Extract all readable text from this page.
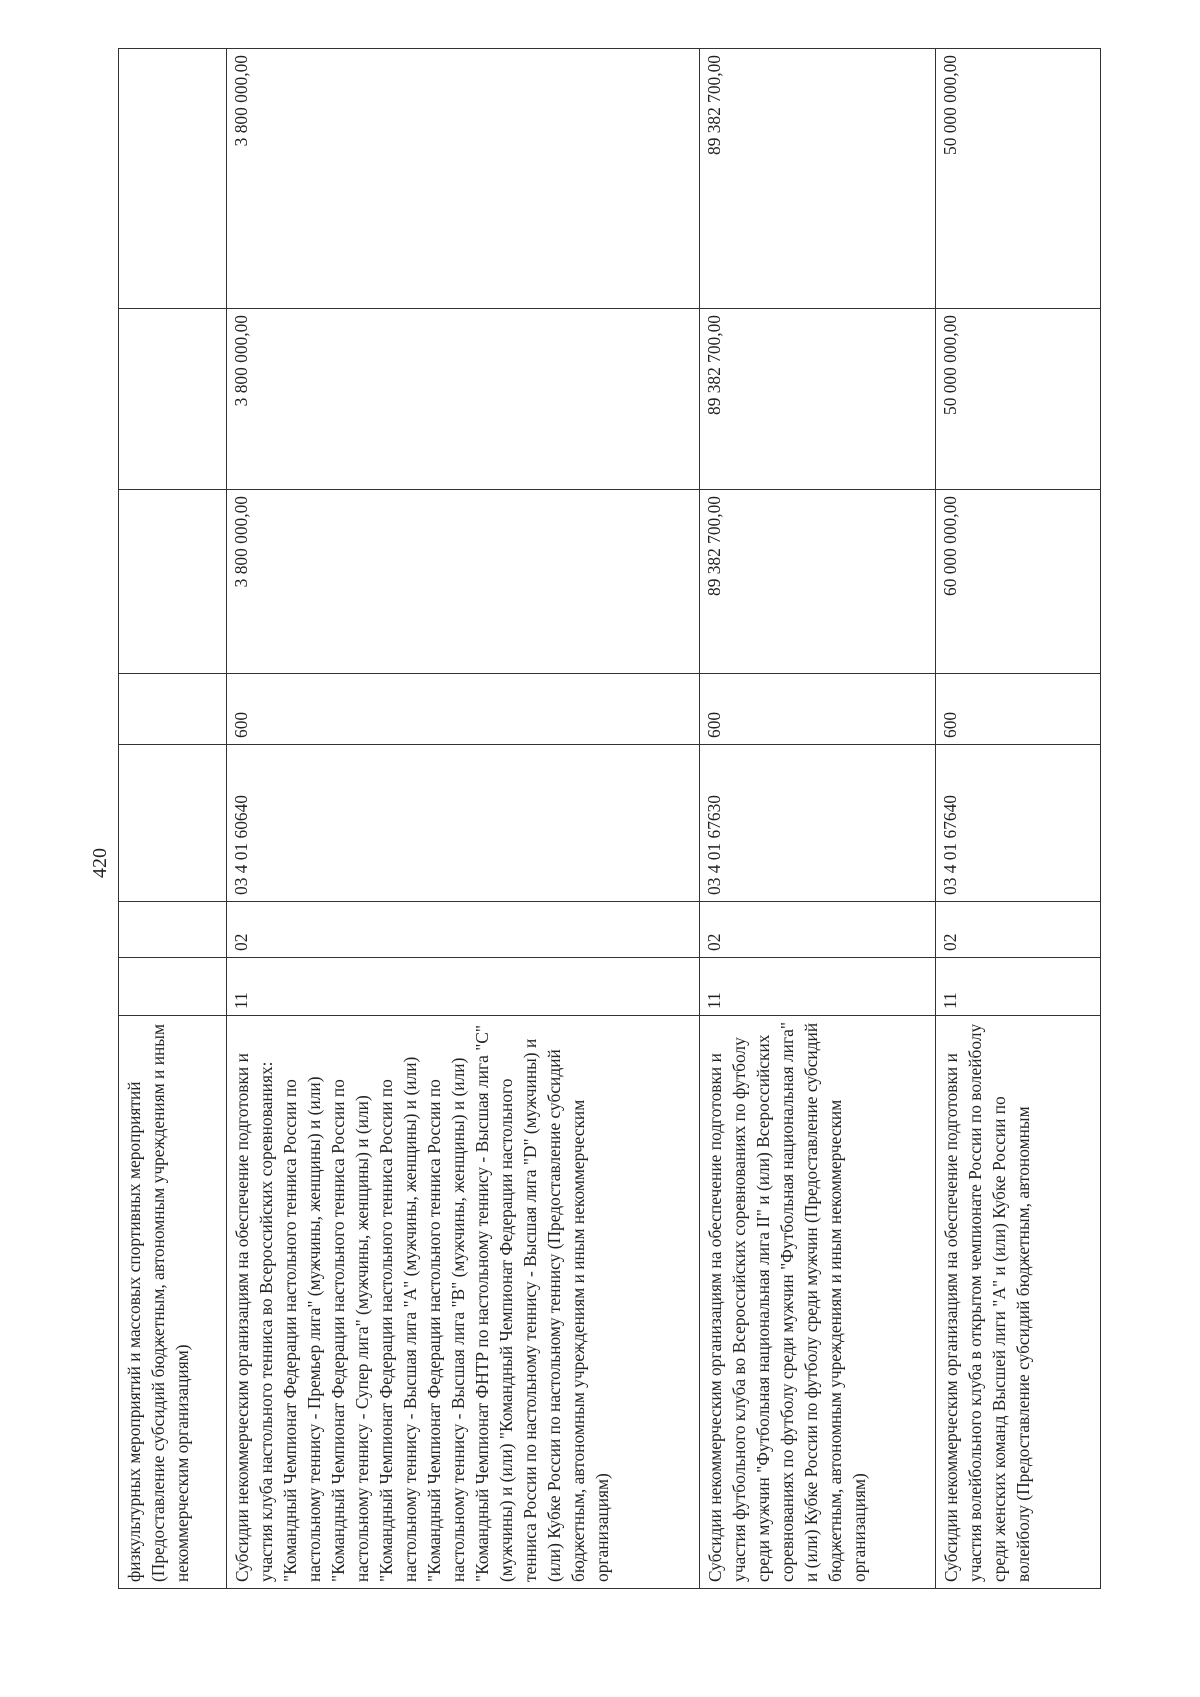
420
физкультурных мероприятий и массовых спортивных мероприятий (Предоставление субсидий бюджетным, автономным учреждениям и иным некоммерческим организациям)							
Субсидии некоммерческим организациям на обеспечение подготовки и участия клуба настольного тенниса во Всероссийских соревнованиях: "Командный Чемпионат Федерации настольного тенниса России по настольному теннису - Премьер лига" (мужчины, женщины) и (или) "Командный Чемпионат Федерации настольного тенниса России по настольному теннису - Супер лига" (мужчины, женщины) и (или) "Командный Чемпионат Федерации настольного тенниса России по настольному теннису - Высшая лига "А" (мужчины, женщины) и (или) "Командный Чемпионат Федерации настольного тенниса России по настольному теннису - Высшая лига "В" (мужчины, женщины) и (или) "Командный Чемпионат ФНТР по настольному теннису - Высшая лига "С" (мужчины) и (или) "Командный Чемпионат Федерации настольного тенниса России по настольному теннису - Высшая лига "D" (мужчины) и (или) Кубке России по настольному теннису (Предоставление субсидий бюджетным, автономным учреждениям и иным некоммерческим организациям)	11	02	03 4 01 60640	600	3 800 000,00	3 800 000,00	3 800 000,00
Субсидии некоммерческим организациям на обеспечение подготовки и участия футбольного клуба во Всероссийских соревнованиях по футболу среди мужчин "Футбольная национальная лига II" и (или) Всероссийских соревнованиях по футболу среди мужчин "Футбольная национальная лига" и (или) Кубке России по футболу среди мужчин (Предоставление субсидий бюджетным, автономным учреждениям и иным некоммерческим организациям)	11	02	03 4 01 67630	600	89 382 700,00	89 382 700,00	89 382 700,00
Субсидии некоммерческим организациям на обеспечение подготовки и участия волейбольного клуба в открытом чемпионате России по волейболу среди женских команд Высшей лиги "А" и (или) Кубке России по волейболу (Предоставление субсидий бюджетным, автономным	11	02	03 4 01 67640	600	60 000 000,00	50 000 000,00	50 000 000,00
